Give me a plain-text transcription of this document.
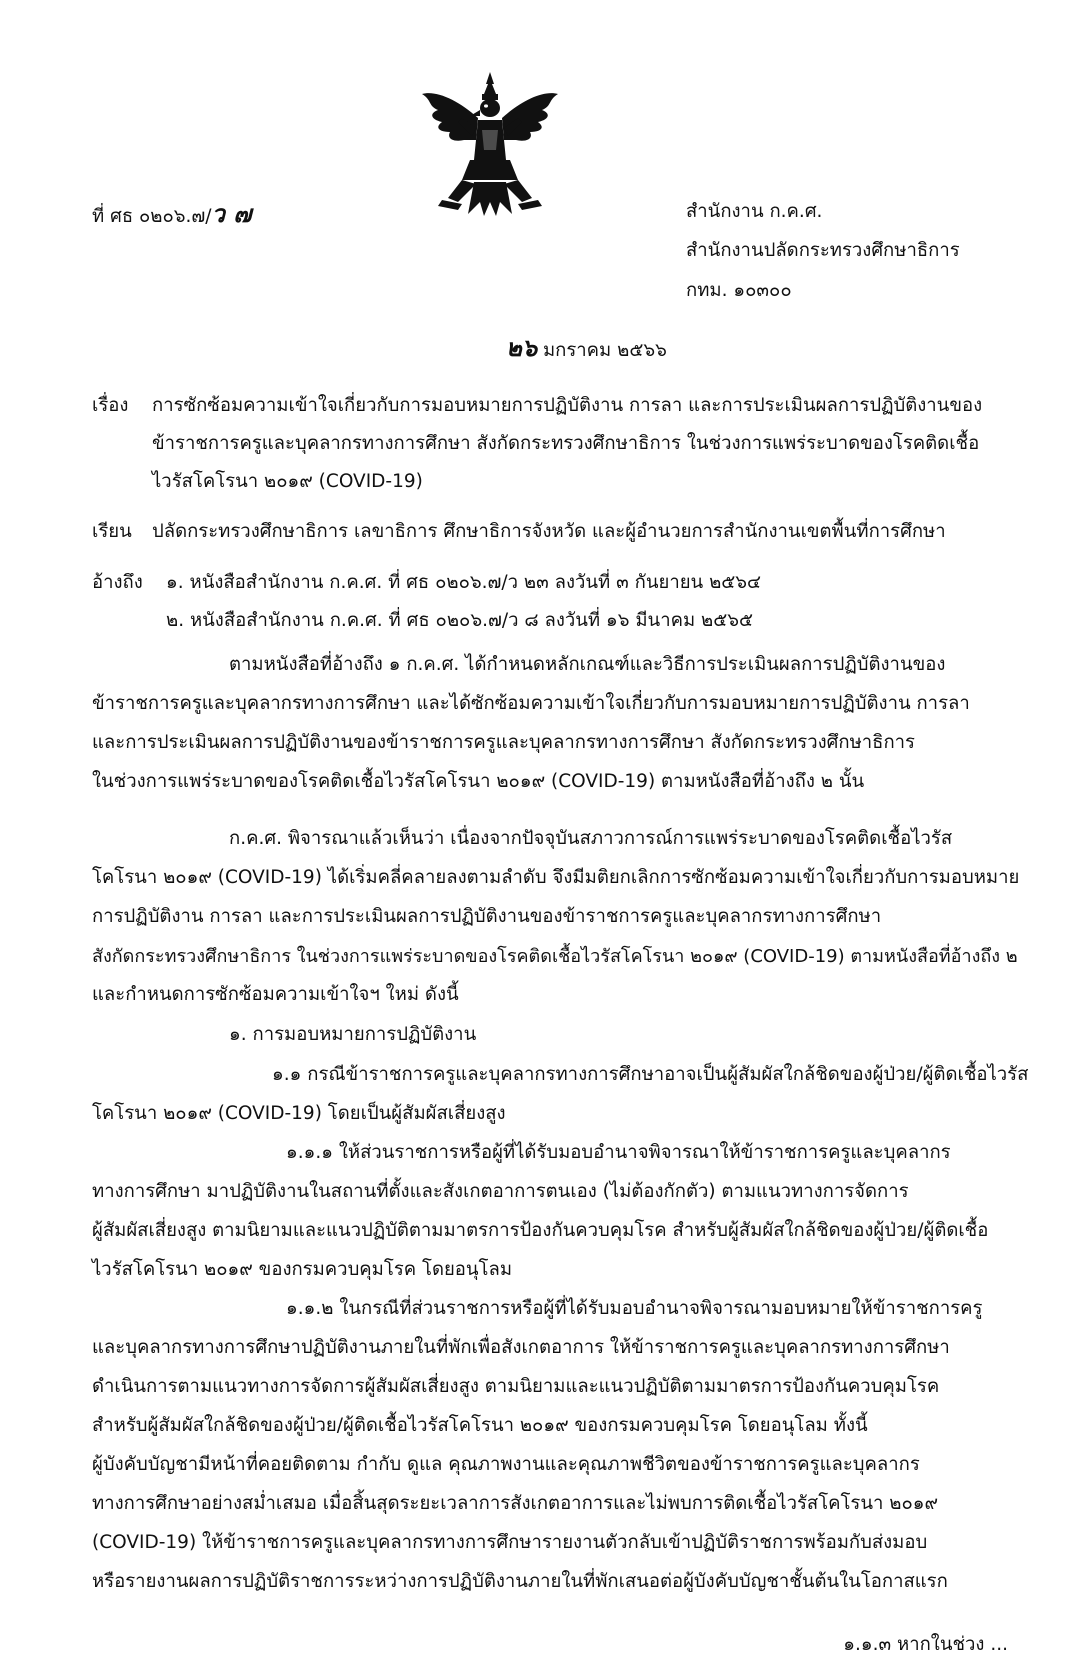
ที่ ศธ ๐๒๐๖.๗/ว ๗	สำนักงาน ก.ค.ศ.
สำนักงานปลัดกระทรวงศึกษาธิการ
กทม. ๑๐๓๐๐
๒๖ มกราคม ๒๕๖๖
เรื่อง การซักซ้อมความเข้าใจเกี่ยวกับการมอบหมายการปฏิบัติงาน การลา และการประเมินผลการปฏิบัติงานของ
ข้าราชการครูและบุคลากรทางการศึกษา สังกัดกระทรวงศึกษาธิการ ในช่วงการแพร่ระบาดของโรคติดเชื้อ
ไวรัสโคโรนา ๒๐๑๙ (COVID-19)
เรียน ปลัดกระทรวงศึกษาธิการ เลขาธิการ ศึกษาธิการจังหวัด และผู้อำนวยการสำนักงานเขตพื้นที่การศึกษา
อ้างถึง ๑. หนังสือสำนักงาน ก.ค.ศ. ที่ ศธ ๐๒๐๖.๗/ว ๒๓ ลงวันที่ ๓ กันยายน ๒๕๖๔
๒. หนังสือสำนักงาน ก.ค.ศ. ที่ ศธ ๐๒๐๖.๗/ว ๘ ลงวันที่ ๑๖ มีนาคม ๒๕๖๕
ตามหนังสือที่อ้างถึง ๑ ก.ค.ศ. ได้กำหนดหลักเกณฑ์และวิธีการประเมินผลการปฏิบัติงานของ
ข้าราชการครูและบุคลากรทางการศึกษา และได้ซักซ้อมความเข้าใจเกี่ยวกับการมอบหมายการปฏิบัติงาน การลา
และการประเมินผลการปฏิบัติงานของข้าราชการครูและบุคลากรทางการศึกษา สังกัดกระทรวงศึกษาธิการ
ในช่วงการแพร่ระบาดของโรคติดเชื้อไวรัสโคโรนา ๒๐๑๙ (COVID-19) ตามหนังสือที่อ้างถึง ๒ นั้น
ก.ค.ศ. พิจารณาแล้วเห็นว่า เนื่องจากปัจจุบันสภาวการณ์การแพร่ระบาดของโรคติดเชื้อไวรัส
โคโรนา ๒๐๑๙ (COVID-19) ได้เริ่มคลี่คลายลงตามลำดับ จึงมีมติยกเลิกการซักซ้อมความเข้าใจเกี่ยวกับการมอบหมาย
การปฏิบัติงาน การลา และการประเมินผลการปฏิบัติงานของข้าราชการครูและบุคลากรทางการศึกษา
สังกัดกระทรวงศึกษาธิการ ในช่วงการแพร่ระบาดของโรคติดเชื้อไวรัสโคโรนา ๒๐๑๙ (COVID-19) ตามหนังสือที่อ้างถึง ๒
และกำหนดการซักซ้อมความเข้าใจฯ ใหม่ ดังนี้
๑. การมอบหมายการปฏิบัติงาน
๑.๑ กรณีข้าราชการครูและบุคลากรทางการศึกษาอาจเป็นผู้สัมผัสใกล้ชิดของผู้ป่วย/ผู้ติดเชื้อไวรัส
โคโรนา ๒๐๑๙ (COVID-19) โดยเป็นผู้สัมผัสเสี่ยงสูง
๑.๑.๑ ให้ส่วนราชการหรือผู้ที่ได้รับมอบอำนาจพิจารณาให้ข้าราชการครูและบุคลากร
ทางการศึกษา มาปฏิบัติงานในสถานที่ตั้งและสังเกตอาการตนเอง (ไม่ต้องกักตัว) ตามแนวทางการจัดการ
ผู้สัมผัสเสี่ยงสูง ตามนิยามและแนวปฏิบัติตามมาตรการป้องกันควบคุมโรค สำหรับผู้สัมผัสใกล้ชิดของผู้ป่วย/ผู้ติดเชื้อ
ไวรัสโคโรนา ๒๐๑๙ ของกรมควบคุมโรค โดยอนุโลม
๑.๑.๒ ในกรณีที่ส่วนราชการหรือผู้ที่ได้รับมอบอำนาจพิจารณามอบหมายให้ข้าราชการครู
และบุคลากรทางการศึกษาปฏิบัติงานภายในที่พักเพื่อสังเกตอาการ ให้ข้าราชการครูและบุคลากรทางการศึกษา
ดำเนินการตามแนวทางการจัดการผู้สัมผัสเสี่ยงสูง ตามนิยามและแนวปฏิบัติตามมาตรการป้องกันควบคุมโรค
สำหรับผู้สัมผัสใกล้ชิดของผู้ป่วย/ผู้ติดเชื้อไวรัสโคโรนา ๒๐๑๙ ของกรมควบคุมโรค โดยอนุโลม ทั้งนี้
ผู้บังคับบัญชามีหน้าที่คอยติดตาม กำกับ ดูแล คุณภาพงานและคุณภาพชีวิตของข้าราชการครูและบุคลากร
ทางการศึกษาอย่างสม่ำเสมอ เมื่อสิ้นสุดระยะเวลาการสังเกตอาการและไม่พบการติดเชื้อไวรัสโคโรนา ๒๐๑๙
(COVID-19) ให้ข้าราชการครูและบุคลากรทางการศึกษารายงานตัวกลับเข้าปฏิบัติราชการพร้อมกับส่งมอบ
หรือรายงานผลการปฏิบัติราชการระหว่างการปฏิบัติงานภายในที่พักเสนอต่อผู้บังคับบัญชาชั้นต้นในโอกาสแรก
๑.๑.๓ หากในช่วง ...
